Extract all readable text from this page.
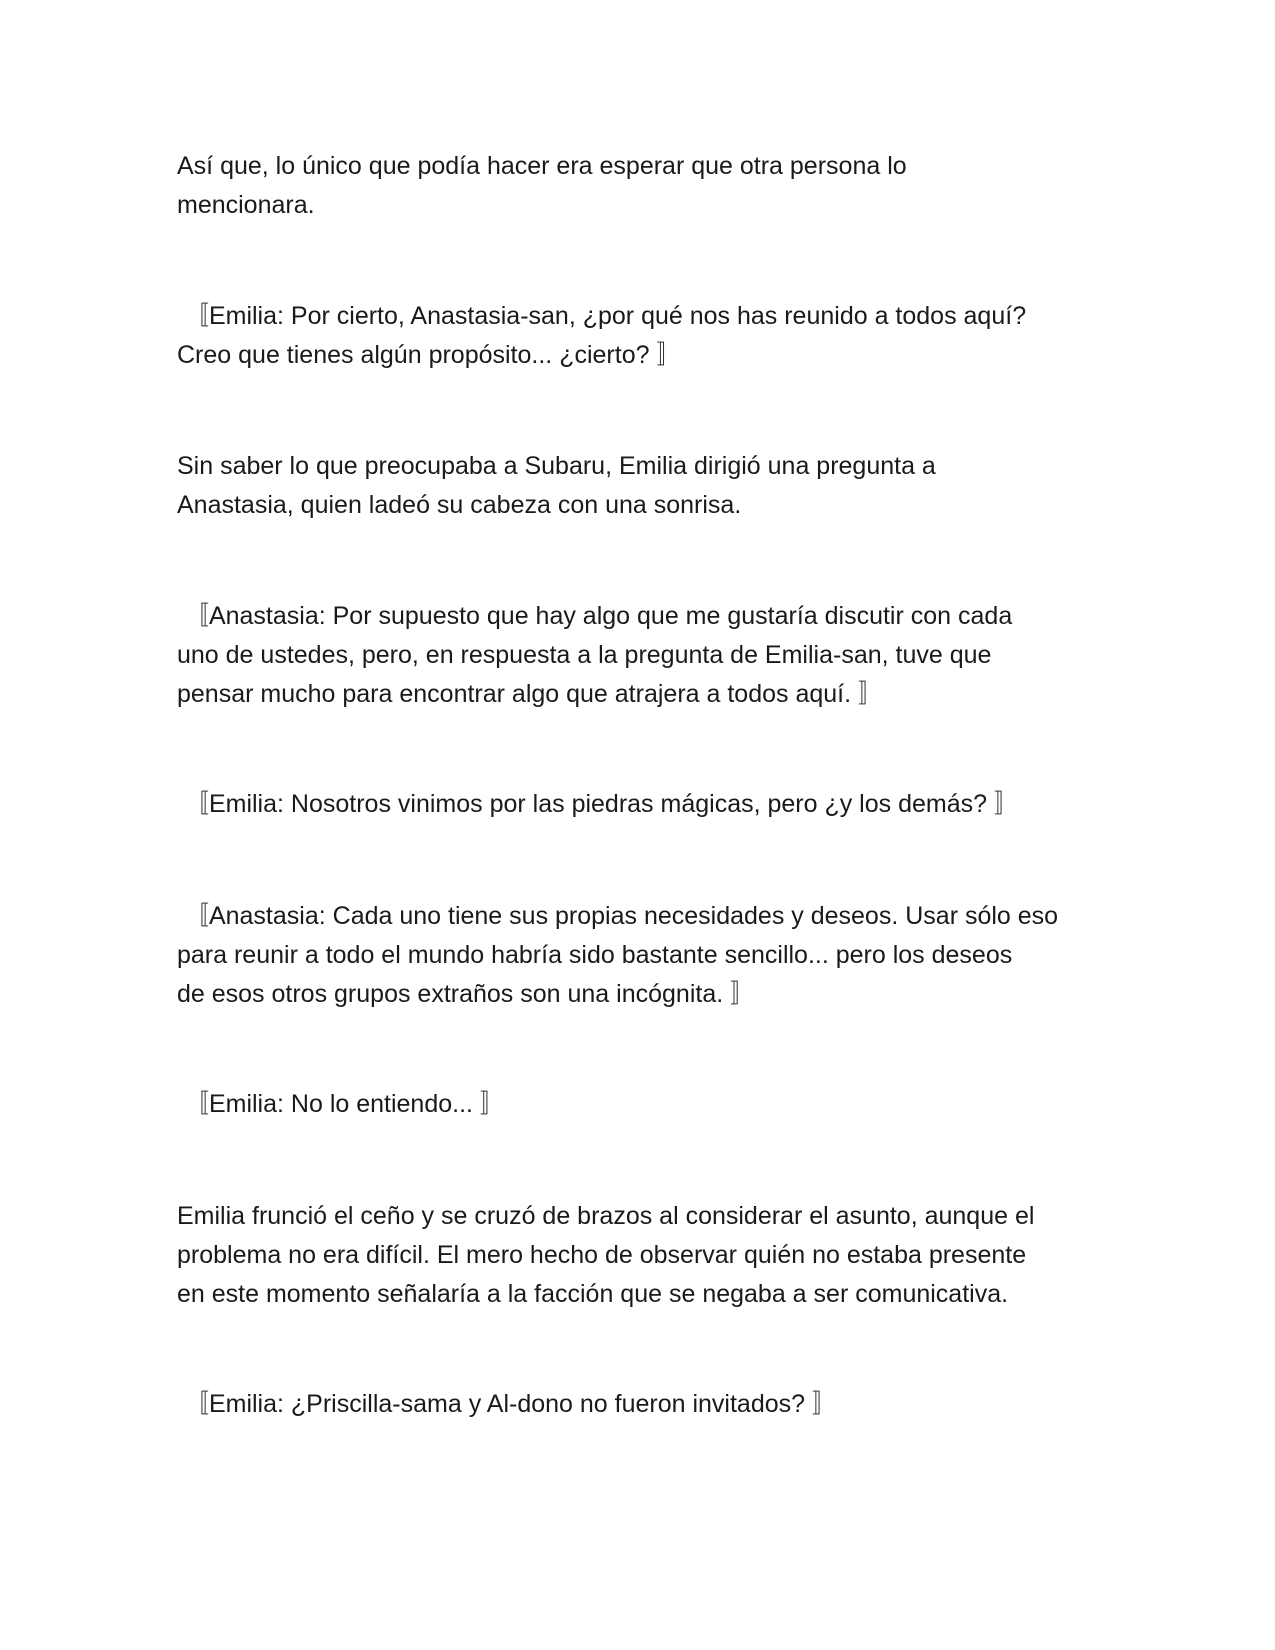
Así que, lo único que podía hacer era esperar que otra persona lo
mencionara.

〚Emilia: Por cierto, Anastasia-san, ¿por qué nos has reunido a todos aquí?
Creo que tienes algún propósito... ¿cierto? 〛

Sin saber lo que preocupaba a Subaru, Emilia dirigió una pregunta a
Anastasia, quien ladeó su cabeza con una sonrisa.

〚Anastasia: Por supuesto que hay algo que me gustaría discutir con cada
uno de ustedes, pero, en respuesta a la pregunta de Emilia-san, tuve que
pensar mucho para encontrar algo que atrajera a todos aquí. 〛

〚Emilia: Nosotros vinimos por las piedras mágicas, pero ¿y los demás? 〛

〚Anastasia: Cada uno tiene sus propias necesidades y deseos. Usar sólo eso
para reunir a todo el mundo habría sido bastante sencillo... pero los deseos
de esos otros grupos extraños son una incógnita. 〛

〚Emilia: No lo entiendo... 〛

Emilia frunció el ceño y se cruzó de brazos al considerar el asunto, aunque el
problema no era difícil. El mero hecho de observar quién no estaba presente
en este momento señalaría a la facción que se negaba a ser comunicativa.

〚Emilia: ¿Priscilla-sama y Al-dono no fueron invitados? 〛
